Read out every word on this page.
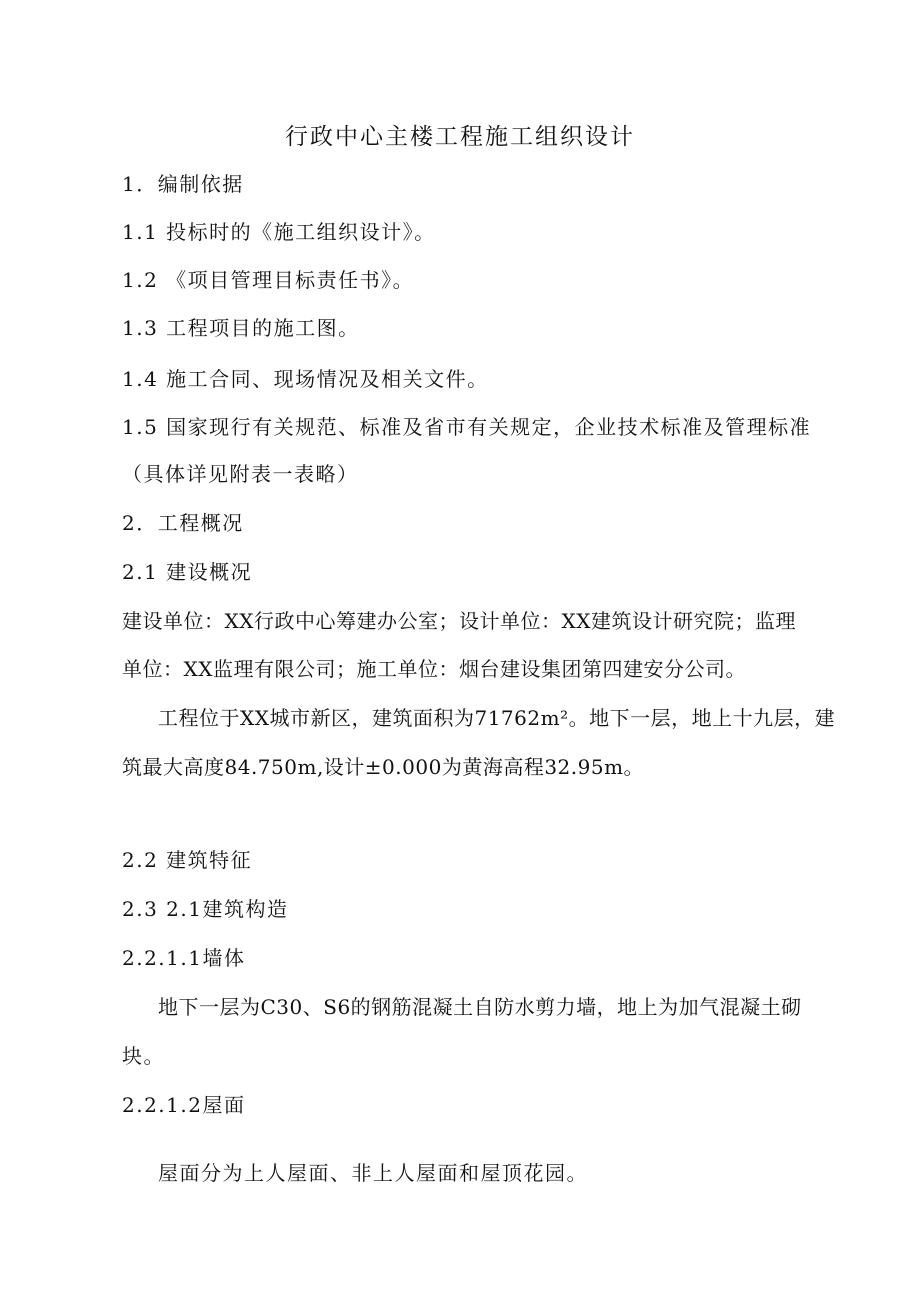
行政中心主楼工程施工组织设计
1．编制依据
1.1 投标时的《施工组织设计》。
1.2 《项目管理目标责任书》。
1.3 工程项目的施工图。
1.4 施工合同、现场情况及相关文件。
1.5 国家现行有关规范、标准及省市有关规定，企业技术标准及管理标准
（具体详见附表一表略）
2．工程概况
2.1 建设概况
建设单位：XX行政中心筹建办公室；设计单位：XX建筑设计研究院；监理
单位：XX监理有限公司；施工单位：烟台建设集团第四建安分公司。
工程位于XX城市新区，建筑面积为71762m²。地下一层，地上十九层，建
筑最大高度84.750m,设计±0.000为黄海高程32.95m。
2.2 建筑特征
2.3 2.1建筑构造
2.2.1.1墙体
地下一层为C30、S6的钢筋混凝土自防水剪力墙，地上为加气混凝土砌
块。
2.2.1.2屋面
屋面分为上人屋面、非上人屋面和屋顶花园。
